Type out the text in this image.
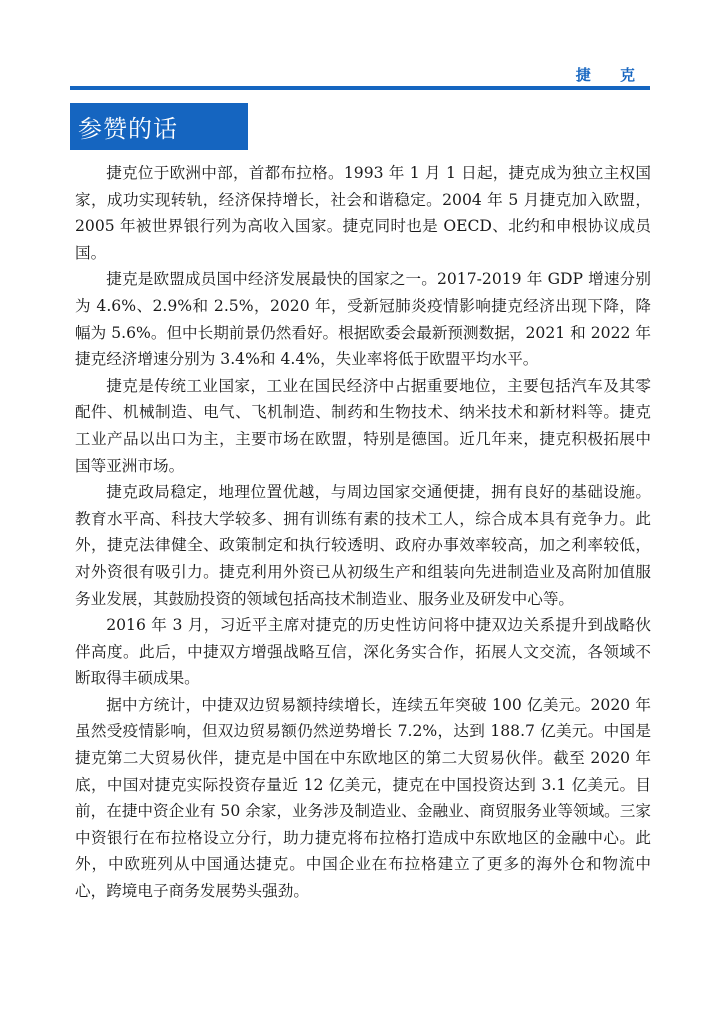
捷 克
参赞的话

捷克位于欧洲中部，首都布拉格。1993 年 1 月 1 日起，捷克成为独立主权国家，成功实现转轨，经济保持增长，社会和谐稳定。2004 年 5 月捷克加入欧盟，2005 年被世界银行列为高收入国家。捷克同时也是 OECD、北约和申根协议成员国。

捷克是欧盟成员国中经济发展最快的国家之一。2017-2019 年 GDP 增速分别为 4.6%、2.9%和 2.5%，2020 年，受新冠肺炎疫情影响捷克经济出现下降，降幅为 5.6%。但中长期前景仍然看好。根据欧委会最新预测数据，2021 和 2022 年捷克经济增速分别为 3.4%和 4.4%，失业率将低于欧盟平均水平。

捷克是传统工业国家，工业在国民经济中占据重要地位，主要包括汽车及其零配件、机械制造、电气、飞机制造、制药和生物技术、纳米技术和新材料等。捷克工业产品以出口为主，主要市场在欧盟，特别是德国。近几年来，捷克积极拓展中国等亚洲市场。

捷克政局稳定，地理位置优越，与周边国家交通便捷，拥有良好的基础设施。教育水平高、科技大学较多、拥有训练有素的技术工人，综合成本具有竞争力。此外，捷克法律健全、政策制定和执行较透明、政府办事效率较高，加之利率较低，对外资很有吸引力。捷克利用外资已从初级生产和组装向先进制造业及高附加值服务业发展，其鼓励投资的领域包括高技术制造业、服务业及研发中心等。

2016 年 3 月，习近平主席对捷克的历史性访问将中捷双边关系提升到战略伙伴高度。此后，中捷双方增强战略互信，深化务实合作，拓展人文交流，各领域不断取得丰硕成果。

据中方统计，中捷双边贸易额持续增长，连续五年突破 100 亿美元。2020 年虽然受疫情影响，但双边贸易额仍然逆势增长 7.2%，达到 188.7 亿美元。中国是捷克第二大贸易伙伴，捷克是中国在中东欧地区的第二大贸易伙伴。截至 2020 年底，中国对捷克实际投资存量近 12 亿美元，捷克在中国投资达到 3.1 亿美元。目前，在捷中资企业有 50 余家，业务涉及制造业、金融业、商贸服务业等领域。三家中资银行在布拉格设立分行，助力捷克将布拉格打造成中东欧地区的金融中心。此外，中欧班列从中国通达捷克。中国企业在布拉格建立了更多的海外仓和物流中心，跨境电子商务发展势头强劲。
